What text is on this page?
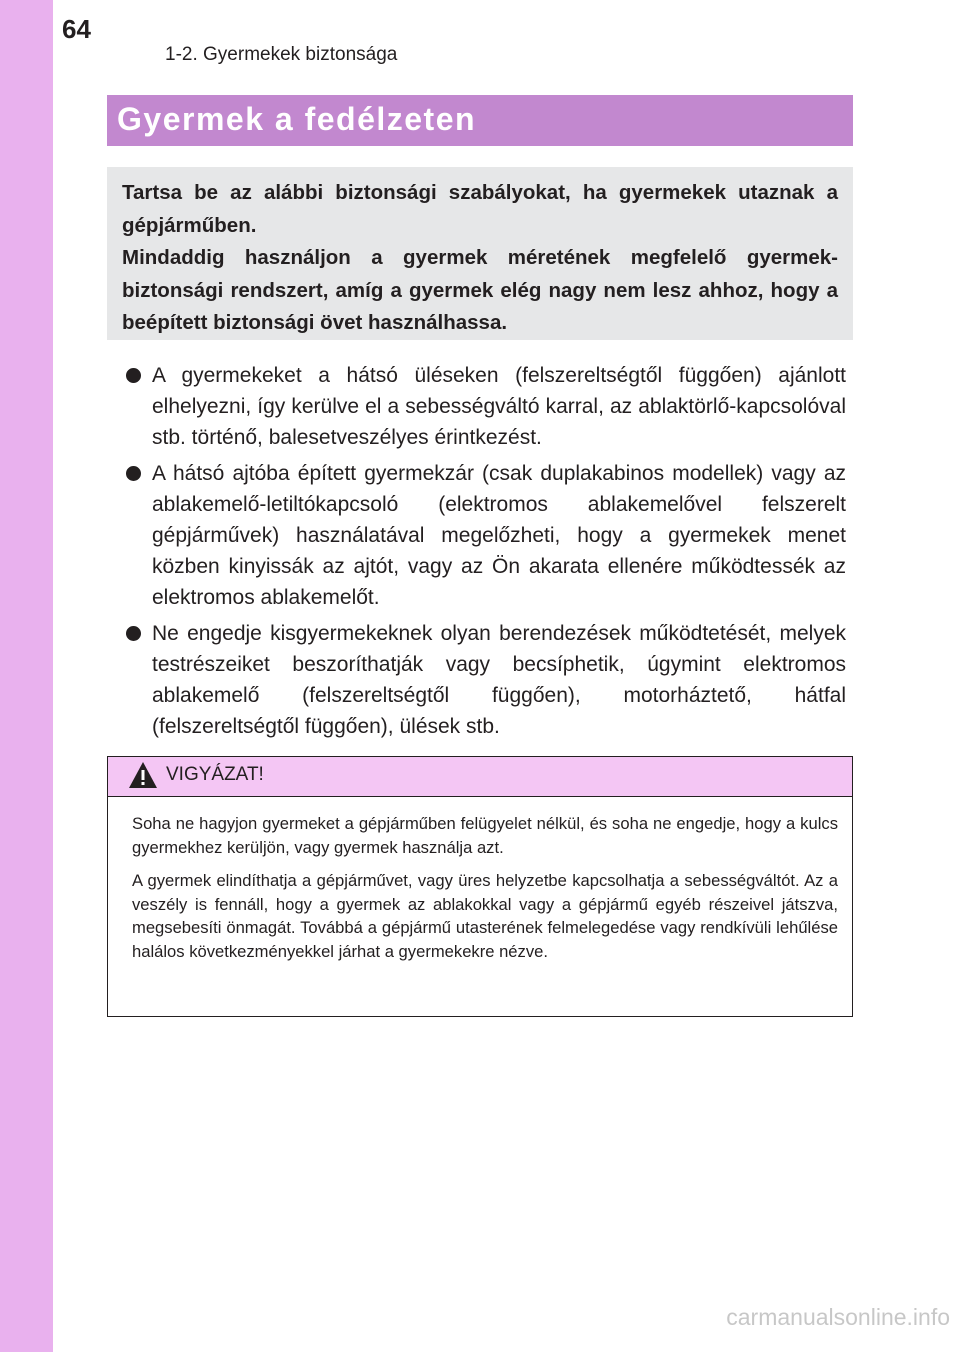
64
1-2. Gyermekek biztonsága
Gyermek a fedélzeten

Tartsa be az alábbi biztonsági szabályokat, ha gyermekek utaznak a gépjárműben.

Mindaddig használjon a gyermek méretének megfelelő gyermekbiztonsági rendszert, amíg a gyermek elég nagy nem lesz ahhoz, hogy a beépített biztonsági övet használhassa.

A gyermekeket a hátsó üléseken (felszereltségtől függően) ajánlott elhelyezni, így kerülve el a sebességváltó karral, az ablaktörlő-kapcsolóval stb. történő, balesetveszélyes érintkezést.
A hátsó ajtóba épített gyermekzár (csak duplakabinos modellek) vagy az ablakemelő-letiltókapcsoló (elektromos ablakemelővel felszerelt gépjárművek) használatával megelőzheti, hogy a gyermekek menet közben kinyissák az ajtót, vagy az Ön akarata ellenére működtessék az elektromos ablakemelőt.
Ne engedje kisgyermekeknek olyan berendezések működtetését, melyek testrészeiket beszoríthatják vagy becsíphetik, úgymint elektromos ablakemelő (felszereltségtől függően), motorháztető, hátfal (felszereltségtől függően), ülések stb.
VIGYÁZAT!

Soha ne hagyjon gyermeket a gépjárműben felügyelet nélkül, és soha ne engedje, hogy a kulcs gyermekhez kerüljön, vagy gyermek használja azt.

A gyermek elindíthatja a gépjárművet, vagy üres helyzetbe kapcsolhatja a sebességváltót. Az a veszély is fennáll, hogy a gyermek az ablakokkal vagy a gépjármű egyéb részeivel játszva, megsebesíti önmagát. Továbbá a gépjármű utasterének felmelegedése vagy rendkívüli lehűlése halálos következményekkel járhat a gyermekekre nézve.

carmanualsonline.info
